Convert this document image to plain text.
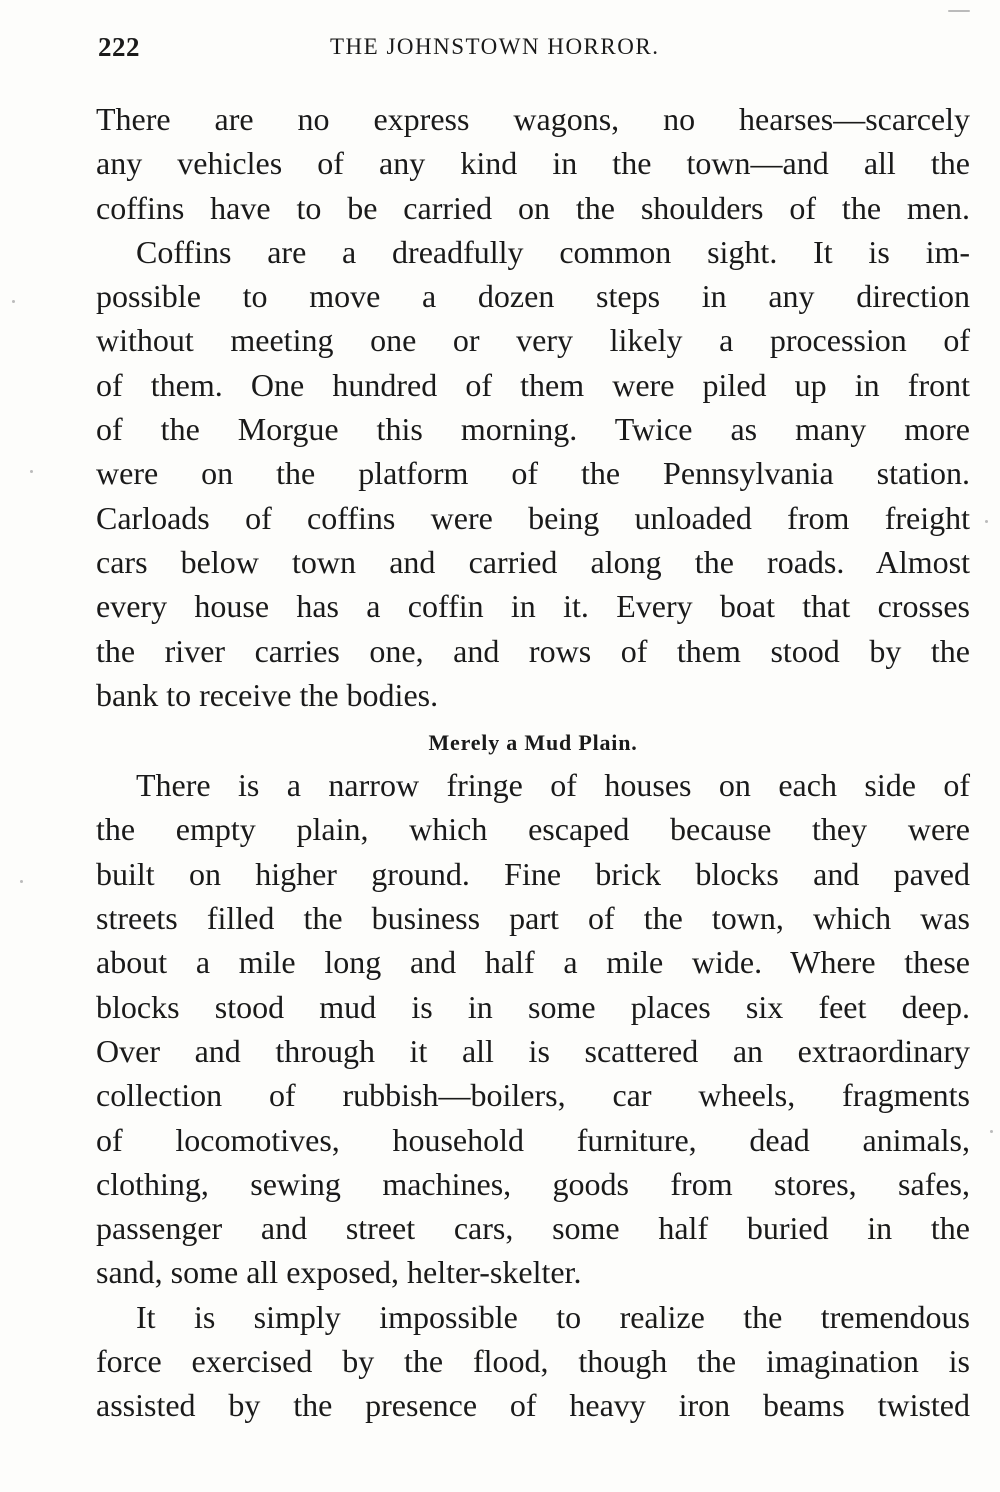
222	THE JOHNSTOWN HORROR.

There are no express wagons, no hearses—scarcely
any vehicles of any kind in the town—and all the
coffins have to be carried on the shoulders of the men.

Coffins are a dreadfully common sight. It is im-
possible to move a dozen steps in any direction
without meeting one or very likely a procession of
of them. One hundred of them were piled up in front
of the Morgue this morning. Twice as many more
were on the platform of the Pennsylvania station.
Carloads of coffins were being unloaded from freight
cars below town and carried along the roads. Almost
every house has a coffin in it. Every boat that crosses
the river carries one, and rows of them stood by the
bank to receive the bodies.

Merely a Mud Plain.

There is a narrow fringe of houses on each side of
the empty plain, which escaped because they were
built on higher ground. Fine brick blocks and paved
streets filled the business part of the town, which was
about a mile long and half a mile wide. Where these
blocks stood mud is in some places six feet deep.
Over and through it all is scattered an extraordinary
collection of rubbish—boilers, car wheels, fragments
of locomotives, household furniture, dead animals,
clothing, sewing machines, goods from stores, safes,
passenger and street cars, some half buried in the
sand, some all exposed, helter-skelter.

It is simply impossible to realize the tremendous
force exercised by the flood, though the imagination is
assisted by the presence of heavy iron beams twisted
